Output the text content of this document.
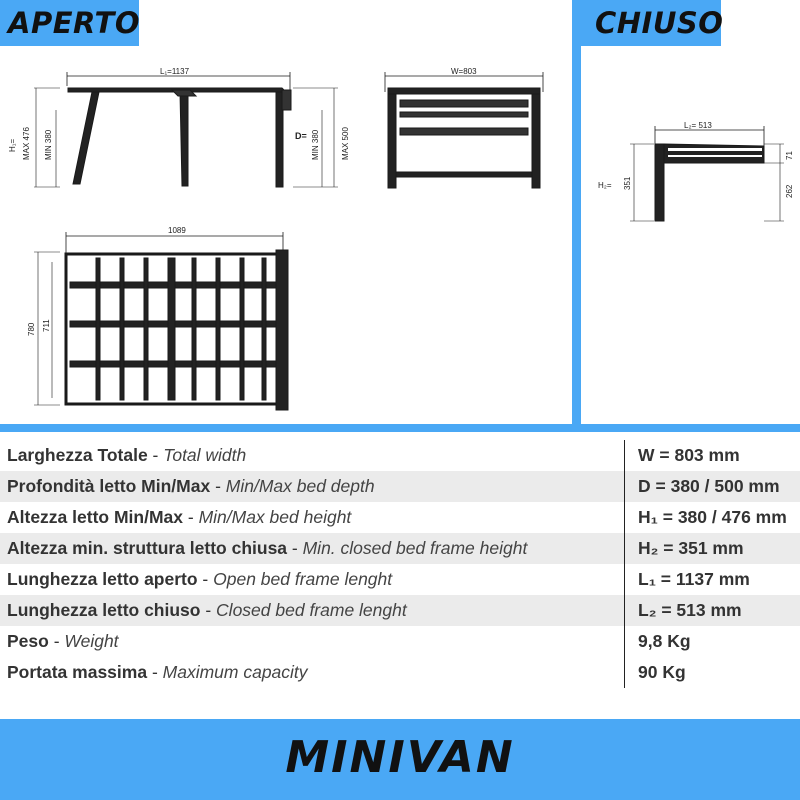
APERTO	CHIUSO
L₁=1137
H₁= MAX 476 MIN 380	D= MIN 380	MAX 500
W=803
1089
780 711
L₂= 513
H₂= 351
71
262
Larghezza Totale - Total width	W = 803 mm
Profondità letto Min/Max - Min/Max bed depth	D = 380 / 500 mm
Altezza letto Min/Max - Min/Max bed height	H₁ = 380 / 476 mm
Altezza min. struttura letto chiusa - Min. closed bed frame height	H₂ = 351 mm
Lunghezza letto aperto - Open bed frame lenght	L₁ = 1137 mm
Lunghezza letto chiuso - Closed bed frame lenght	L₂ = 513 mm
Peso - Weight	9,8 Kg
Portata massima - Maximum capacity	90 Kg
MINIVAN
